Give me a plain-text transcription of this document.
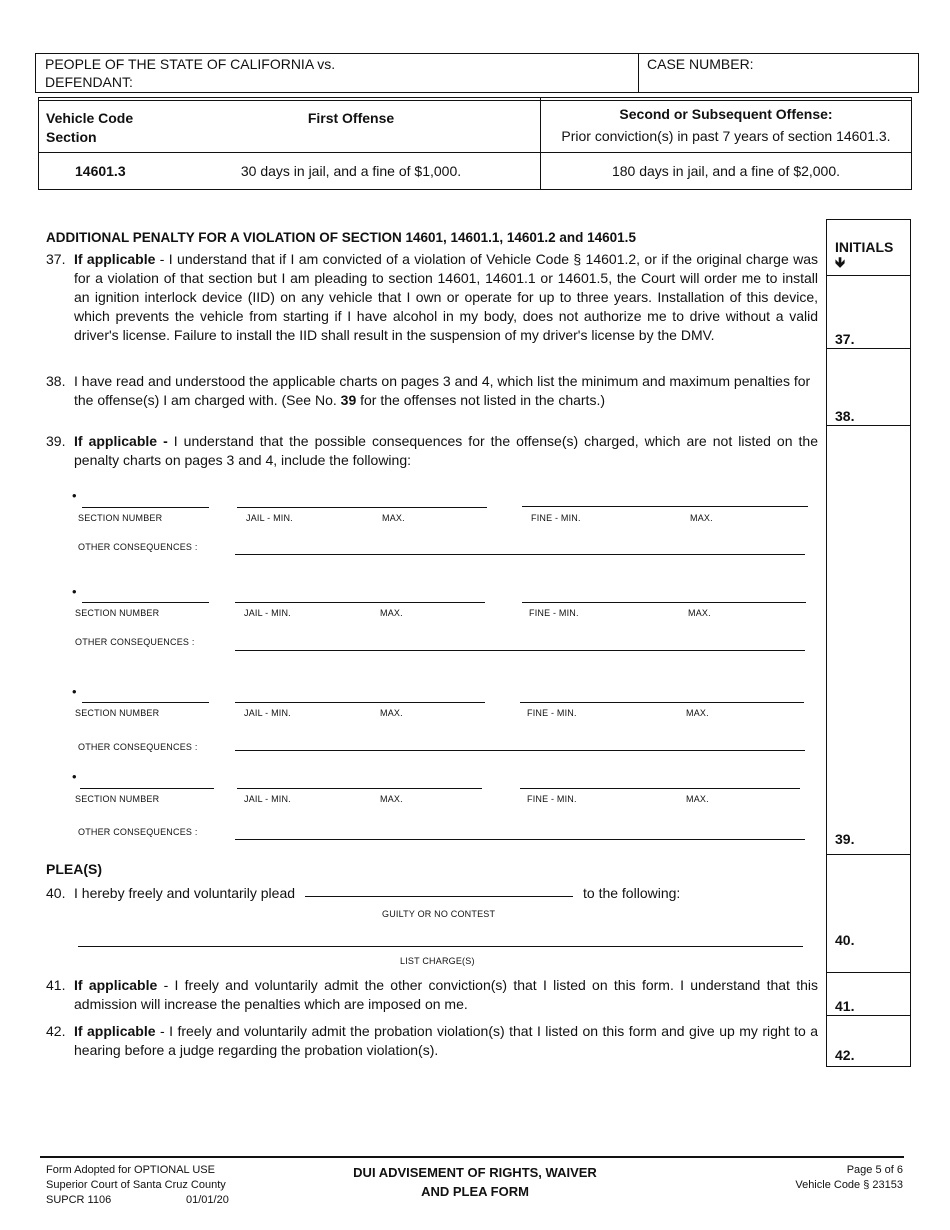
PEOPLE OF THE STATE OF CALIFORNIA vs.
DEFENDANT:
CASE NUMBER:
Vehicle Code
Section
First Offense	Second or Subsequent Offense:
Prior conviction(s) in past 7 years of section 14601.3.
14601.3	30 days in jail, and a fine of $1,000.	180 days in jail, and a fine of $2,000.
INITIALS
🡻
37.
38.
39.
40.
41.
42.
ADDITIONAL PENALTY FOR A VIOLATION OF SECTION 14601, 14601.1, 14601.2 and 14601.5
37. If applicable - I understand that if I am convicted of a violation of Vehicle Code § 14601.2, or if the original charge was for a violation of that section but I am pleading to section 14601, 14601.1 or 14601.5, the Court will order me to install an ignition interlock device (IID) on any vehicle that I own or operate for up to three years. Installation of this device, which prevents the vehicle from starting if I have alcohol in my body, does not authorize me to drive without a valid driver's license. Failure to install the IID shall result in the suspension of my driver's license by the DMV.
38. I have read and understood the applicable charts on pages 3 and 4, which list the minimum and maximum penalties for the offense(s) I am charged with. (See No. 39 for the offenses not listed in the charts.)
39. If applicable - I understand that the possible consequences for the offense(s) charged, which are not listed on the penalty charts on pages 3 and 4, include the following:
•
SECTION NUMBER	JAIL - MIN.	MAX.	FINE - MIN.	MAX.
OTHER CONSEQUENCES :
•
SECTION NUMBER	JAIL - MIN.	MAX.	FINE - MIN.	MAX.
OTHER CONSEQUENCES :
•
SECTION NUMBER	JAIL - MIN.	MAX.	FINE - MIN.	MAX.
OTHER CONSEQUENCES :
•
SECTION NUMBER	JAIL - MIN.	MAX.	FINE - MIN.	MAX.
OTHER CONSEQUENCES :
PLEA(S)
40. I hereby freely and voluntarily plead	to the following:
GUILTY OR NO CONTEST
LIST CHARGE(S)
41. If applicable - I freely and voluntarily admit the other conviction(s) that I listed on this form. I understand that this admission will increase the penalties which are imposed on me.
42. If applicable - I freely and voluntarily admit the probation violation(s) that I listed on this form and give up my right to a hearing before a judge regarding the probation violation(s).
Form Adopted for OPTIONAL USE
Superior Court of Santa Cruz County
SUPCR 1106	01/01/20
DUI ADVISEMENT OF RIGHTS, WAIVER
AND PLEA FORM
Page 5 of 6
Vehicle Code § 23153
